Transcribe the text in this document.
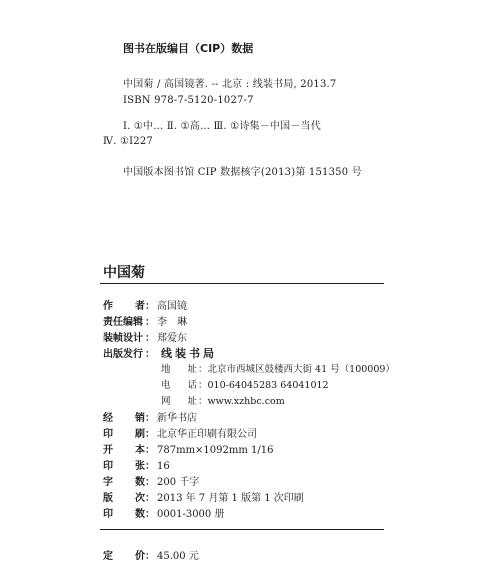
图书在版编目（CIP）数据
中国菊 / 高国镜著. -- 北京 : 线装书局, 2013.7
ISBN 978-7-5120-1027-7
Ⅰ. ①中… Ⅱ. ①高… Ⅲ. ①诗集－中国－当代
Ⅳ. ①I227
中国版本图书馆 CIP 数据核字(2013)第 151350 号
中国菊
作　者： 高国镜
责任编辑 ： 李　琳
装帧设计 ： 郑爱东
出版发行 ： 线装书局
地　址：北京市西城区鼓楼西大街 41 号（100009）
电　话：010-64045283 64041012
网　址：www.xzhbc.com
经　销： 新华书店
印　刷： 北京华正印刷有限公司
开　本： 787mm×1092mm 1/16
印　张： 16
字　数： 200 千字
版　次： 2013 年 7 月第 1 版第 1 次印刷
印　数： 0001-3000 册
定　价： 45.00 元
